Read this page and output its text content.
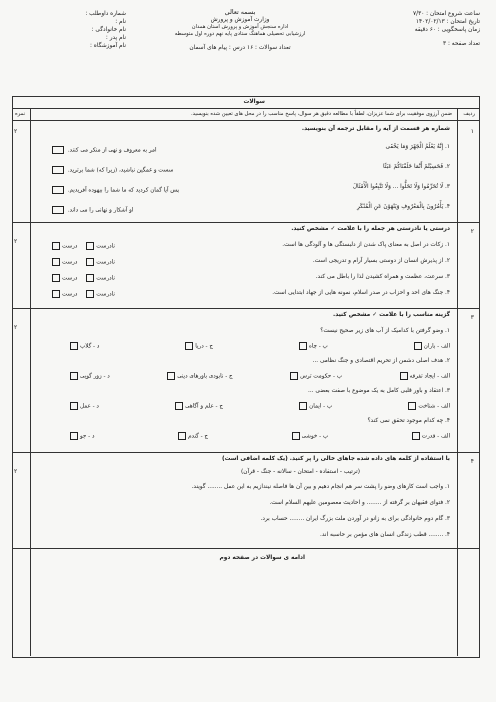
ساعت شروع امتحان : ۷/۳۰
تاریخ امتحان : ۱۴۰۲/۰۲/۱۳
زمان پاسخگویی : ۶۰ دقیقه
تعداد صفحه : ۳
بسمه تعالی
وزارت آموزش و پرورش
اداره سنجش آموزش و پرورش استان همدان
ارزشیابی تحصیلی هماهنگ ستادی پایه نهم دوره اول متوسطه
تعداد سوالات : ۱۶ درس : پیام های آسمان
شماره داوطلب :
نام :
نام خانوادگی :
نام پدر :
نام آموزشگاه :
سوالات
ضمن آرزوی موفقیت برای شما عزیزان، لطفاً با مطالعه دقیق هر سوال، پاسخ مناسب را در محل های تعیین شده بنویسید. ردیف
نمره
۱
۲	شماره هر قسمت از آیه را مقابل ترجمه آن بنویسید.
۱. إِنَّهُ یَعْلَمُ الْجَهْرَ وَمَا یَخْفَی
۲. فَحَسِبْتُمْ أَنَّمَا خَلَقْنَاکُمْ عَبَثًا
۳. لَا تُحَرِّمُوا وَلَا تَحَلُّوا ... وَلَا تَتَّبِعُوا الْأَمْثَالَ
۴. یَأْمُرُونَ بِالْمَعْرُوفِ وَیَنْهَوْنَ عَنِ الْمُنْکَرِ
امر به معروف و نهی از منکر می کنند.
سست و غمگین نباشید، (زیرا که) شما برترید.
پس آیا گمان کردید که ما شما را بیهوده آفریدیم.
او آشکار و نهانی را می داند.
۲
۲
درستی یا نادرستی هر جمله را با علامت ✓ مشخص کنید.
۱. زکات در اصل به معنای پاک شدن از دلبستگی ها و آلودگی ها است.
۲. از پذیرش انسان از دوستی بسیار آرام و تدریجی است.
۳. سرعت، عظمت و همراه کشیدن لذا را باطل می کند.
۴. جنگ های احد و احزاب در صدر اسلام، نمونه هایی از جهاد ابتدایی است.
نادرست     درست
نادرست     درست
نادرست     درست
نادرست     درست
۳
۲
گزینه مناسب را با علامت ✓ مشخص کنید.
۱. وضو گرفتن با کدامیک از آب های زیر صحیح نیست؟
الف - باران
ب - چاه
ج - دریا
د - گلاب
۲. هدف اصلی دشمن از تحریم اقتصادی و جنگ نظامی ...
الف - ایجاد تفرقه
ب - حکومت ترس
ج - نابودی باورهای دینی
د - زور گویی
۳. اعتقاد و باور قلبی کامل به یک موضوع با صفت بعضی ...
الف - شناخت
ب - ایمان
ج - علم و آگاهی
د - عمل
۴. چه کدام موجود تحقق نمی کند؟
الف - قدرت
ب - خوشی
ج - گندم
د - جو
۴
۲
با استفاده از کلمه های داده شده جاهای خالی را پر کنید. (یک کلمه اضافی است)
(ترتیب - استفاده - امتحان - سالانه - جنگ - قرآن)
۱. واجب است کارهای وضو را پشت سر هم انجام دهیم و بین آن ها فاصله نیندازیم به این عمل ........ گویند.
۲. فتوای فقیهان بر گرفته از ........ و احادیث معصومین علیهم السلام است.
۳. گام دوم خانوادگی برای به زانو در آوردن ملت بزرگ ایران ........ حساب برد.
۴. ........ قطب زندگی انسان های مؤمن بر حاسبه اند.
ادامه ی سوالات در صفحه دوم
